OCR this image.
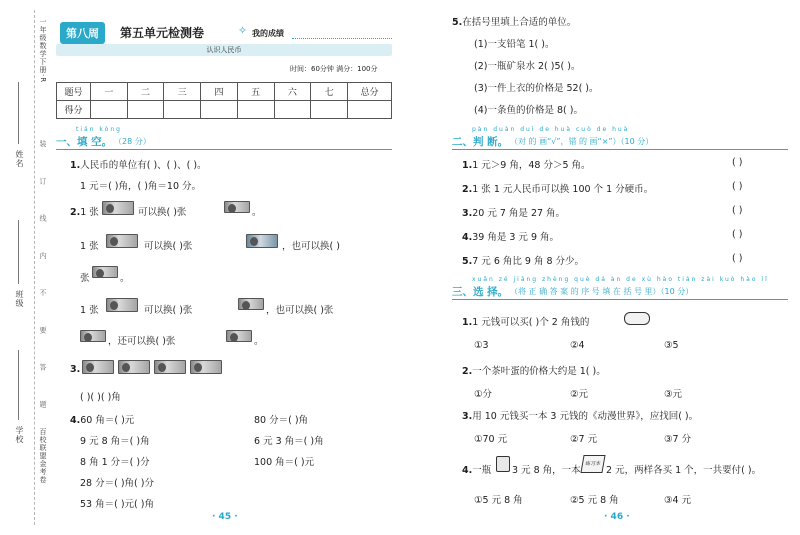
一年级数学下册·R
装 订 线 内 不 要 答 题
百校联盟金考卷
姓名
班级
学校
第八周	第五单元检测卷	✧ 我的成绩
认识人民币
时间：60分钟 满分：100分
题号	一	二	三	四	五	六	七	总分
得分								
tián kòng
一、填 空。 （28 分）
1.人民币的单位有( )、( )、( )。
1 元＝( )角，( )角＝10 分。
2.1 张	可以换( )张	。
1 张	可以换( )张	，也可以换( )
张	。
1 张	可以换( )张	，也可以换( )张
，还可以换( )张	。
3.
( )( )( )角
4.60 角＝( )元	80 分＝( )角
9 元 8 角＝( )角	6 元 3 角＝( )角
8 角 1 分＝( )分	100 角＝( )元
28 分＝( )角( )分
53 角＝( )元( )角
· 45 ·
5.在括号里填上合适的单位。
(1)一支铅笔 1( )。
(2)一瓶矿泉水 2( )5( )。
(3)一件上衣的价格是 52( )。
(4)一条鱼的价格是 8( )。
pàn duàn duì de huà cuò de huà
二、判 断。 （对 的 画“√”，错 的 画“×”）（10 分）
1.1 元＞9 角，48 分＞5 角。	( )
2.1 张 1 元人民币可以换 100 个 1 分硬币。	( )
3.20 元 7 角是 27 角。	( )
4.39 角是 3 元 9 角。	( )
5.7 元 6 角比 9 角 8 分少。	( )
xuǎn zé jiāng zhèng què dá àn de xù hào tián zài kuò hào lǐ
三、选 择。 （将 正 确 答 案 的 序 号 填 在 括 号 里）（10 分）
1.1 元钱可以买( )个 2 角钱的
①3	②4	③5
2.一个茶叶蛋的价格大约是 1( )。
①分	②元	③元
3.用 10 元钱买一本 3 元钱的《动漫世界》，应找回( )。
①70 元	②7 元	③7 分
4.一瓶 3 元 8 角，一本
练习本
2 元，两样各买 1 个，一共要付( )。
①5 元 8 角	②5 元 8 角	③4 元
· 46 ·
